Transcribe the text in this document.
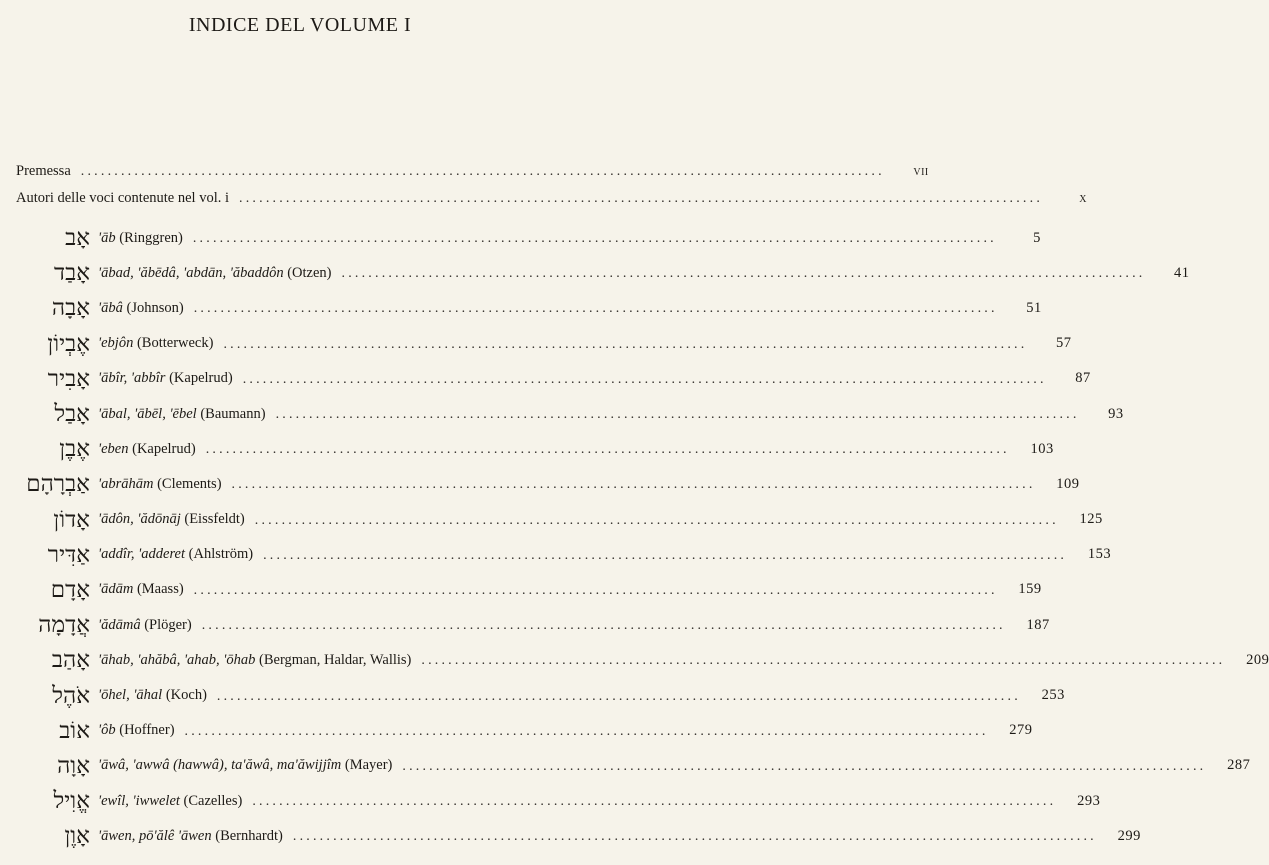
INDICE DEL VOLUME I
Premessa ........................................................................................................................	vii
Autori delle voci contenute nel vol. i ........................................................................................................................	x
אָב 'āb (Ringgren) ........................................................................................................................	5
אָבַד 'ābad, 'ăbēdâ, 'abdān, 'ăbaddôn (Otzen) ........................................................................................................................	41
אָבָה 'ābâ (Johnson) ........................................................................................................................	51
אֶבְיוֹן 'ebjôn (Botterweck) ........................................................................................................................	57
אָבִיר 'ābîr, 'abbîr (Kapelrud) ........................................................................................................................	87
אָבַל 'ābal, 'ābēl, 'ēbel (Baumann) ........................................................................................................................	93
אֶבֶן 'eben (Kapelrud) ........................................................................................................................	103
אַבְרָהָם 'abrāhām (Clements) ........................................................................................................................	109
אָדוֹן 'ādôn, 'ădōnāj (Eissfeldt) ........................................................................................................................	125
אַדִּיר 'addîr, 'adderet (Ahlström) ........................................................................................................................	153
אָדָם 'ādām (Maass) ........................................................................................................................	159
אֲדָמָה 'ădāmâ (Plöger) ........................................................................................................................	187
אָהַב 'āhab, 'ahăbâ, 'ahab, 'ōhab (Bergman, Haldar, Wallis) ........................................................................................................................	209
אֹהֶל 'ōhel, 'āhal (Koch) ........................................................................................................................	253
אוֹב 'ôb (Hoffner) ........................................................................................................................	279
אָוָה 'āwâ, 'awwâ (hawwâ), ta'ăwâ, ma'ăwijjîm (Mayer) ........................................................................................................................	287
אֱוִיל 'ewîl, 'iwwelet (Cazelles) ........................................................................................................................	293
אָוֶן 'āwen, pō'ălê 'āwen (Bernhardt) ........................................................................................................................	299
